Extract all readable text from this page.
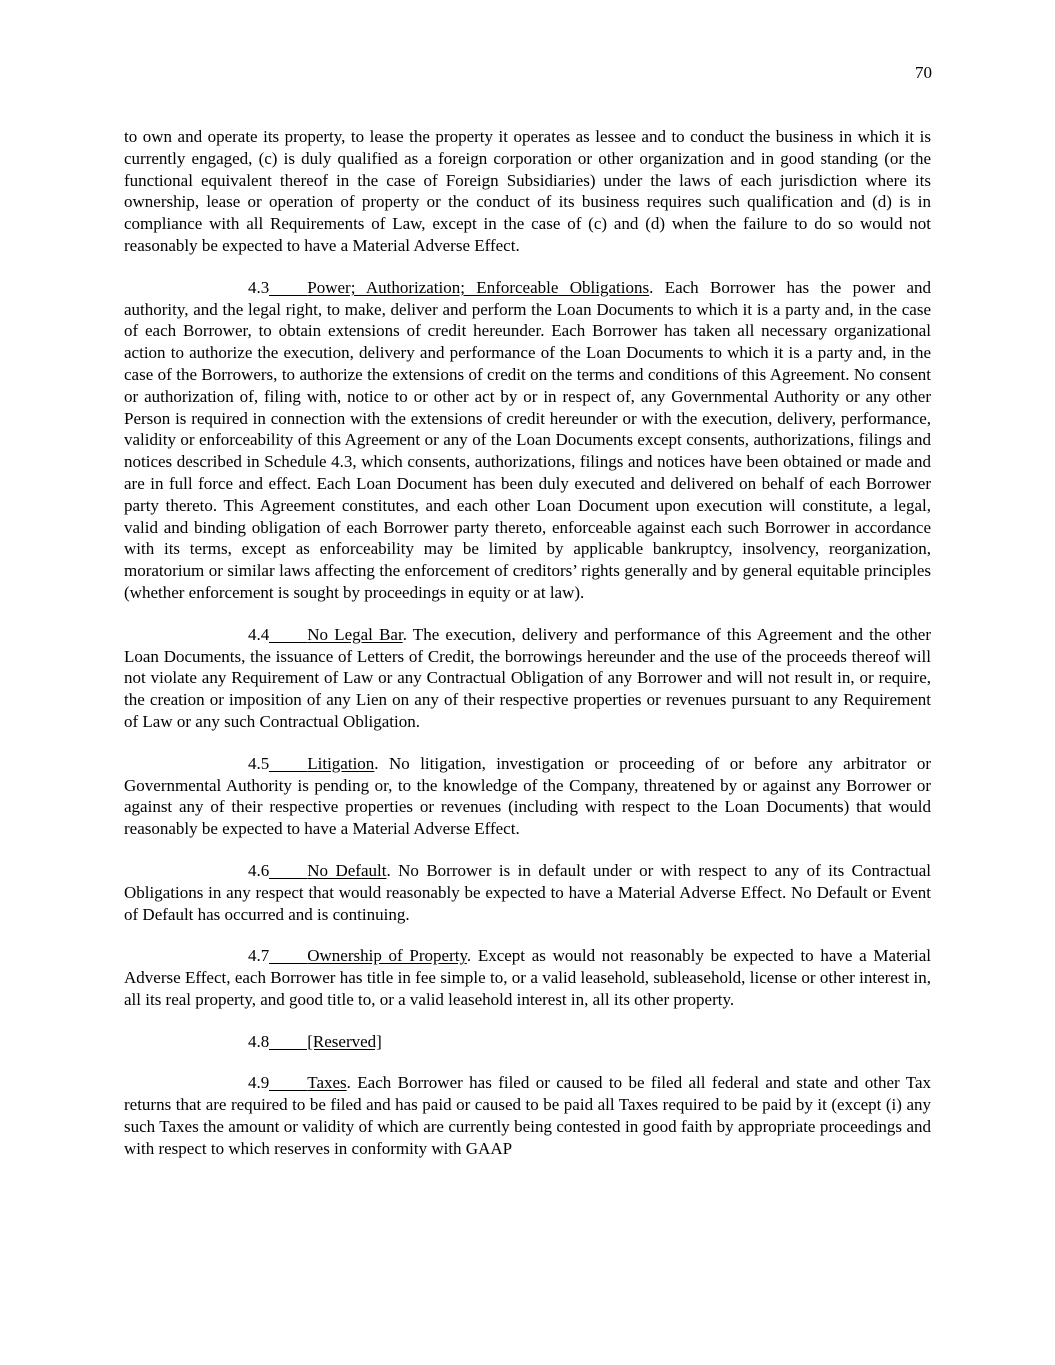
70

to own and operate its property, to lease the property it operates as lessee and to conduct the business in which it is currently engaged, (c) is duly qualified as a foreign corporation or other organization and in good standing (or the functional equivalent thereof in the case of Foreign Subsidiaries) under the laws of each jurisdiction where its ownership, lease or operation of property or the conduct of its business requires such qualification and (d) is in compliance with all Requirements of Law, except in the case of (c) and (d) when the failure to do so would not reasonably be expected to have a Material Adverse Effect.

4.3 Power; Authorization; Enforceable Obligations. Each Borrower has the power and authority, and the legal right, to make, deliver and perform the Loan Documents to which it is a party and, in the case of each Borrower, to obtain extensions of credit hereunder. Each Borrower has taken all necessary organizational action to authorize the execution, delivery and performance of the Loan Documents to which it is a party and, in the case of the Borrowers, to authorize the extensions of credit on the terms and conditions of this Agreement. No consent or authorization of, filing with, notice to or other act by or in respect of, any Governmental Authority or any other Person is required in connection with the extensions of credit hereunder or with the execution, delivery, performance, validity or enforceability of this Agreement or any of the Loan Documents except consents, authorizations, filings and notices described in Schedule 4.3, which consents, authorizations, filings and notices have been obtained or made and are in full force and effect. Each Loan Document has been duly executed and delivered on behalf of each Borrower party thereto. This Agreement constitutes, and each other Loan Document upon execution will constitute, a legal, valid and binding obligation of each Borrower party thereto, enforceable against each such Borrower in accordance with its terms, except as enforceability may be limited by applicable bankruptcy, insolvency, reorganization, moratorium or similar laws affecting the enforcement of creditors’ rights generally and by general equitable principles (whether enforcement is sought by proceedings in equity or at law).

4.4 No Legal Bar. The execution, delivery and performance of this Agreement and the other Loan Documents, the issuance of Letters of Credit, the borrowings hereunder and the use of the proceeds thereof will not violate any Requirement of Law or any Contractual Obligation of any Borrower and will not result in, or require, the creation or imposition of any Lien on any of their respective properties or revenues pursuant to any Requirement of Law or any such Contractual Obligation.

4.5 Litigation. No litigation, investigation or proceeding of or before any arbitrator or Governmental Authority is pending or, to the knowledge of the Company, threatened by or against any Borrower or against any of their respective properties or revenues (including with respect to the Loan Documents) that would reasonably be expected to have a Material Adverse Effect.

4.6 No Default. No Borrower is in default under or with respect to any of its Contractual Obligations in any respect that would reasonably be expected to have a Material Adverse Effect. No Default or Event of Default has occurred and is continuing.

4.7 Ownership of Property. Except as would not reasonably be expected to have a Material Adverse Effect, each Borrower has title in fee simple to, or a valid leasehold, subleasehold, license or other interest in, all its real property, and good title to, or a valid leasehold interest in, all its other property.

4.8 [Reserved]

4.9 Taxes. Each Borrower has filed or caused to be filed all federal and state and other Tax returns that are required to be filed and has paid or caused to be paid all Taxes required to be paid by it (except (i) any such Taxes the amount or validity of which are currently being contested in good faith by appropriate proceedings and with respect to which reserves in conformity with GAAP
